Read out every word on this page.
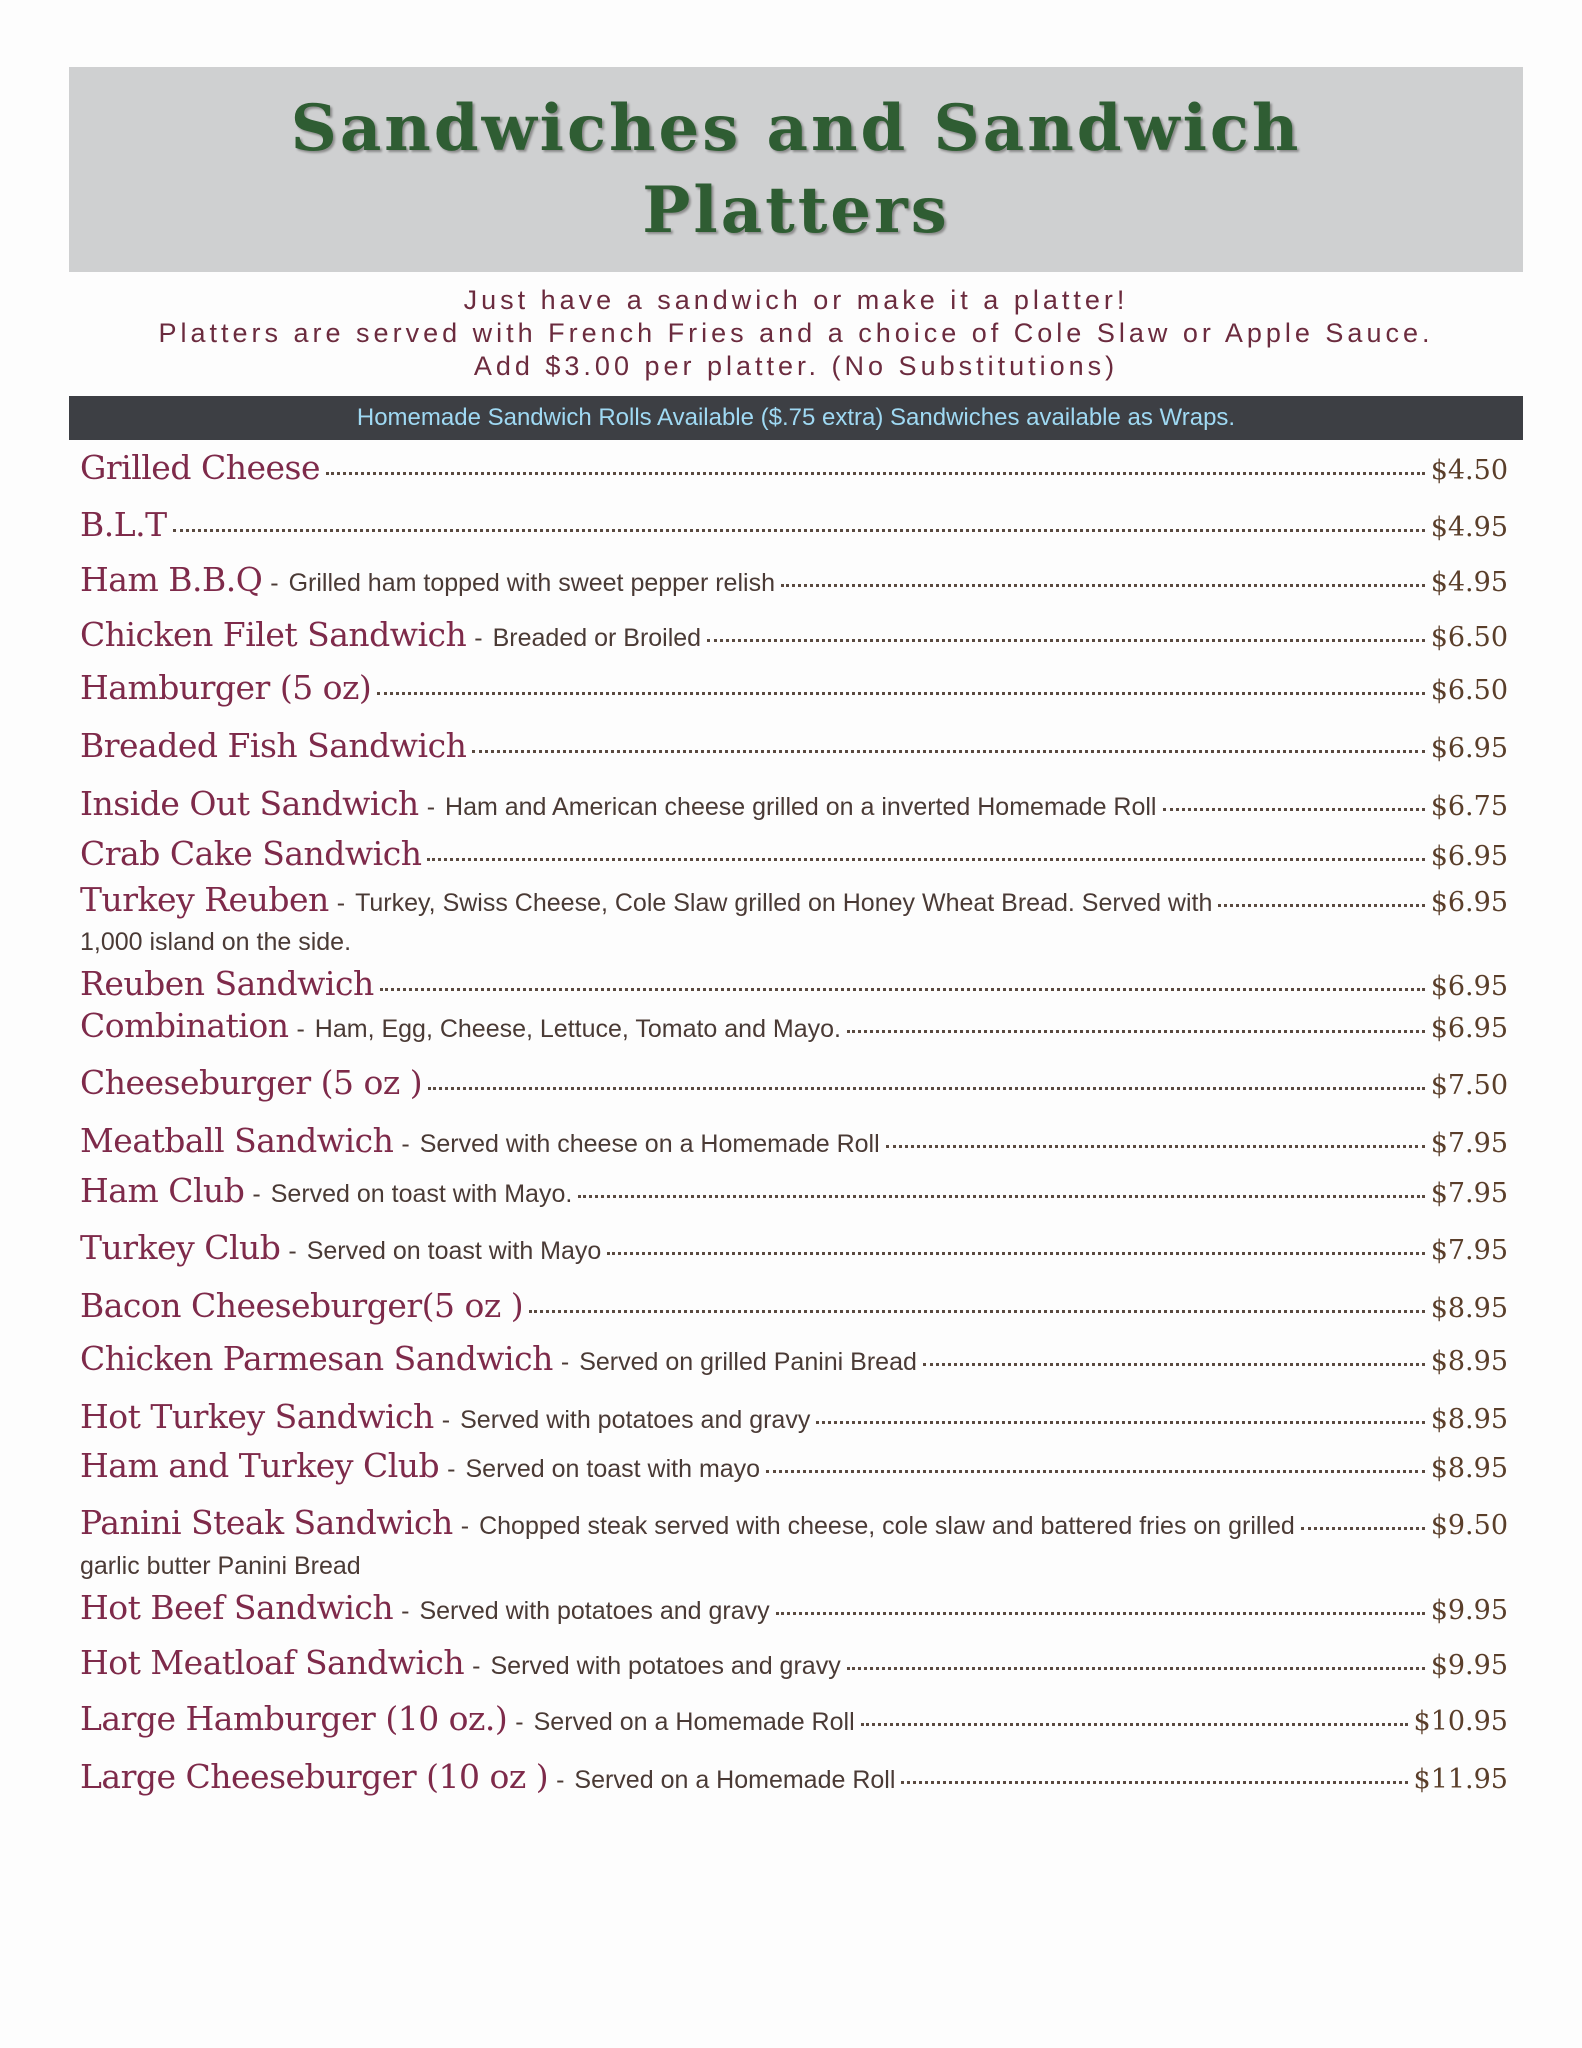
Sandwiches and Sandwich
Platters
Just have a sandwich or make it a platter!
Platters are served with French Fries and a choice of Cole Slaw or Apple Sauce.
Add $3.00 per platter. (No Substitutions)
Homemade Sandwich Rolls Available ($.75 extra) Sandwiches available as Wraps.
Grilled Cheese	$4.50
B.L.T	$4.95
Ham B.B.Q - Grilled ham topped with sweet pepper relish	$4.95
Chicken Filet Sandwich - Breaded or Broiled	$6.50
Hamburger (5 oz)	$6.50
Breaded Fish Sandwich	$6.95
Inside Out Sandwich - Ham and American cheese grilled on a inverted Homemade Roll	$6.75
Crab Cake Sandwich	$6.95
Turkey Reuben - Turkey, Swiss Cheese, Cole Slaw grilled on Honey Wheat Bread. Served with	$6.95
1,000 island on the side.
Reuben Sandwich	$6.95
Combination - Ham, Egg, Cheese, Lettuce, Tomato and Mayo.	$6.95
Cheeseburger (5 oz )	$7.50
Meatball Sandwich - Served with cheese on a Homemade Roll	$7.95
Ham Club - Served on toast with Mayo.	$7.95
Turkey Club - Served on toast with Mayo	$7.95
Bacon Cheeseburger(5 oz )	$8.95
Chicken Parmesan Sandwich - Served on grilled Panini Bread	$8.95
Hot Turkey Sandwich - Served with potatoes and gravy	$8.95
Ham and Turkey Club - Served on toast with mayo	$8.95
Panini Steak Sandwich - Chopped steak served with cheese, cole slaw and battered fries on grilled	$9.50
garlic butter Panini Bread
Hot Beef Sandwich - Served with potatoes and gravy	$9.95
Hot Meatloaf Sandwich - Served with potatoes and gravy	$9.95
Large Hamburger (10 oz.) - Served on a Homemade Roll	$10.95
Large Cheeseburger (10 oz ) - Served on a Homemade Roll	$11.95
